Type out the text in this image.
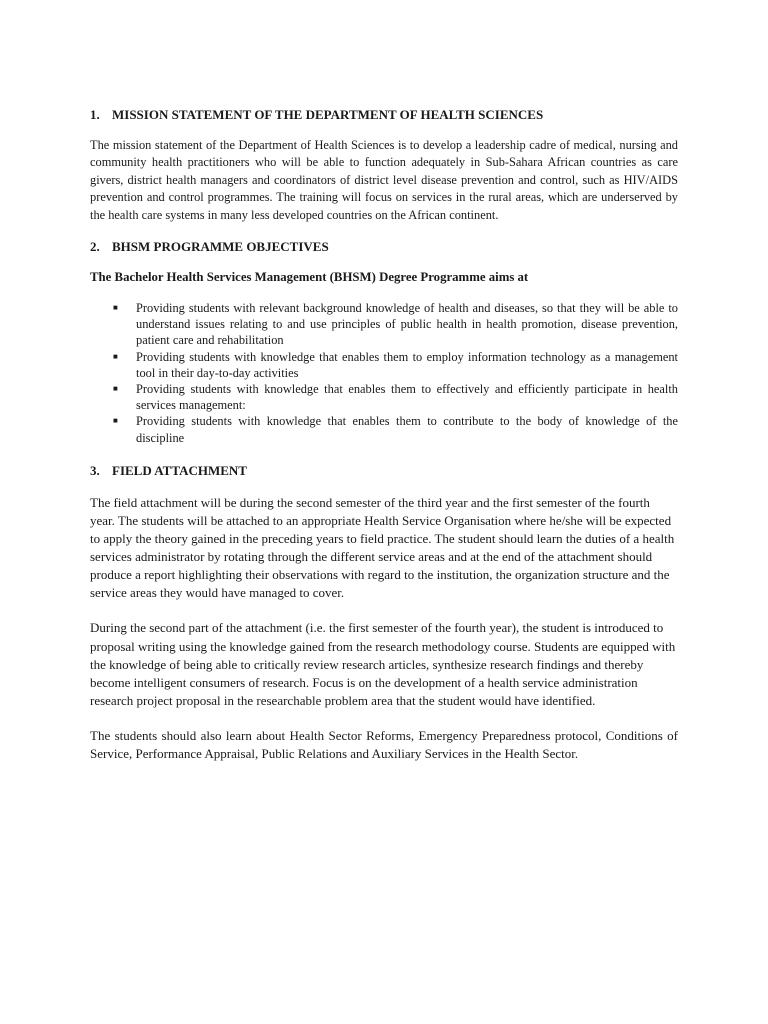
1. MISSION STATEMENT OF THE DEPARTMENT OF HEALTH SCIENCES

The mission statement of the Department of Health Sciences is to develop a leadership cadre of medical, nursing and community health practitioners who will be able to function adequately in Sub-Sahara African countries as care givers, district health managers and coordinators of district level disease prevention and control, such as HIV/AIDS prevention and control programmes. The training will focus on services in the rural areas, which are underserved by the health care systems in many less developed countries on the African continent.

2. BHSM PROGRAMME OBJECTIVES

The Bachelor Health Services Management (BHSM) Degree Programme aims at

■	Providing students with relevant background knowledge of health and diseases, so that they will be able to understand issues relating to and use principles of public health in health promotion, disease prevention, patient care and rehabilitation
■	Providing students with knowledge that enables them to employ information technology as a management tool in their day-to-day activities
■	Providing students with knowledge that enables them to effectively and efficiently participate in health services management:
■	Providing students with knowledge that enables them to contribute to the body of knowledge of the discipline
3. FIELD ATTACHMENT

The field attachment will be during the second semester of the third year and the first semester of the fourth year. The students will be attached to an appropriate Health Service Organisation where he/she will be expected to apply the theory gained in the preceding years to field practice. The student should learn the duties of a health services administrator by rotating through the different service areas and at the end of the attachment should produce a report highlighting their observations with regard to the institution, the organization structure and the service areas they would have managed to cover.

During the second part of the attachment (i.e. the first semester of the fourth year), the student is introduced to proposal writing using the knowledge gained from the research methodology course. Students are equipped with the knowledge of being able to critically review research articles, synthesize research findings and thereby become intelligent consumers of research. Focus is on the development of a health service administration research project proposal in the researchable problem area that the student would have identified.

The students should also learn about Health Sector Reforms, Emergency Preparedness protocol, Conditions of Service, Performance Appraisal, Public Relations and Auxiliary Services in the Health Sector.
